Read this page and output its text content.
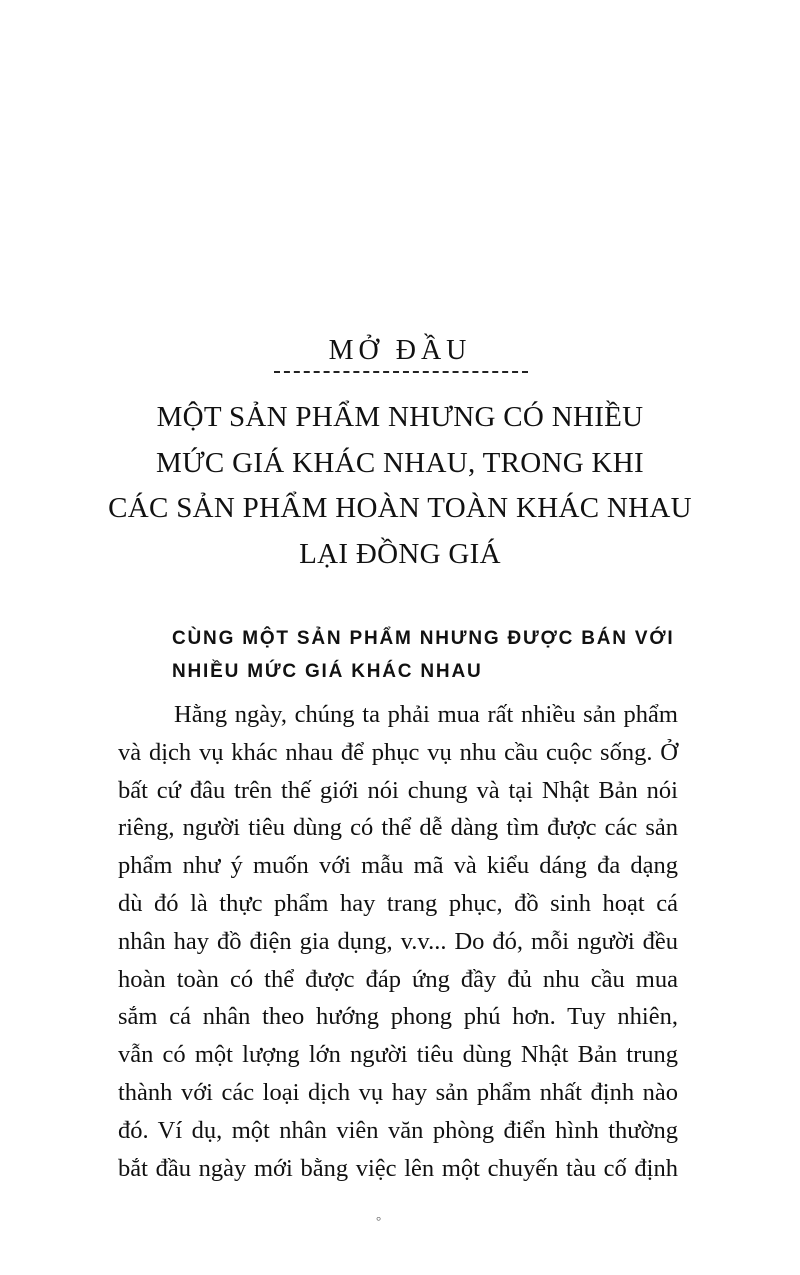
MỞ ĐẦU
MỘT SẢN PHẨM NHƯNG CÓ NHIỀU
MỨC GIÁ KHÁC NHAU, TRONG KHI
CÁC SẢN PHẨM HOÀN TOÀN KHÁC NHAU
LẠI ĐỒNG GIÁ
CÙNG MỘT SẢN PHẨM NHƯNG ĐƯỢC BÁN VỚI
NHIỀU MỨC GIÁ KHÁC NHAU
Hằng ngày, chúng ta phải mua rất nhiều sản phẩm
và dịch vụ khác nhau để phục vụ nhu cầu cuộc sống. Ở
bất cứ đâu trên thế giới nói chung và tại Nhật Bản nói
riêng, người tiêu dùng có thể dễ dàng tìm được các sản
phẩm như ý muốn với mẫu mã và kiểu dáng đa dạng
dù đó là thực phẩm hay trang phục, đồ sinh hoạt cá
nhân hay đồ điện gia dụng, v.v... Do đó, mỗi người đều
hoàn toàn có thể được đáp ứng đầy đủ nhu cầu mua
sắm cá nhân theo hướng phong phú hơn. Tuy nhiên,
vẫn có một lượng lớn người tiêu dùng Nhật Bản trung
thành với các loại dịch vụ hay sản phẩm nhất định nào
đó. Ví dụ, một nhân viên văn phòng điển hình thường
bắt đầu ngày mới bằng việc lên một chuyến tàu cố định
°
